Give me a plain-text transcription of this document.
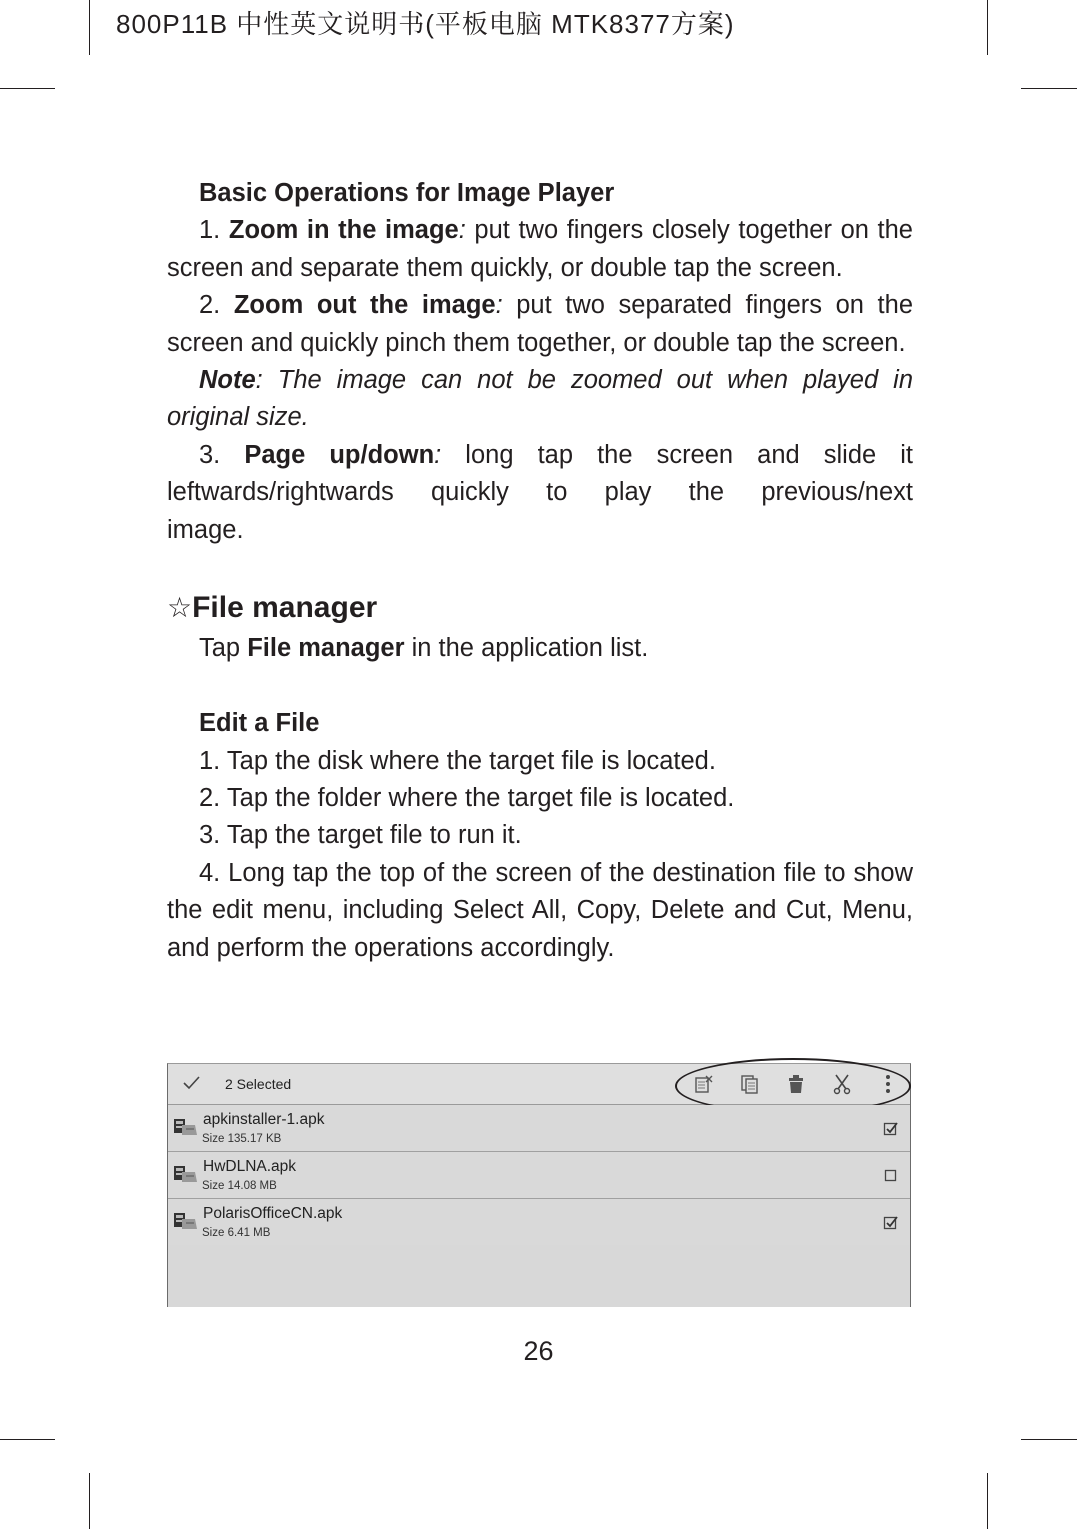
800P11B 中性英文说明书(平板电脑 MTK8377方案)

Basic Operations for Image Player

1. Zoom in the image: put two fingers closely together on the screen and separate them quickly, or double tap the screen.

2. Zoom out the image: put two separated fingers on the screen and quickly pinch them together, or double tap the screen.

Note: The image can not be zoomed out when played in original size.

3. Page up/down: long tap the screen and slide it

leftwards/rightwards quickly to play the previous/next

image.

☆File manager

Tap File manager in the application list.

Edit a File

1. Tap the disk where the target file is located.

2. Tap the folder where the target file is located.

3. Tap the target file to run it.

4. Long tap the top of the screen of the destination file to show the edit menu, including Select All, Copy, Delete and Cut, Menu, and perform the operations accordingly.

2 Selected
apkinstaller-1.apk
Size 135.17 KB
HwDLNA.apk
Size 14.08 MB
PolarisOfficeCN.apk
Size 6.41 MB
26
